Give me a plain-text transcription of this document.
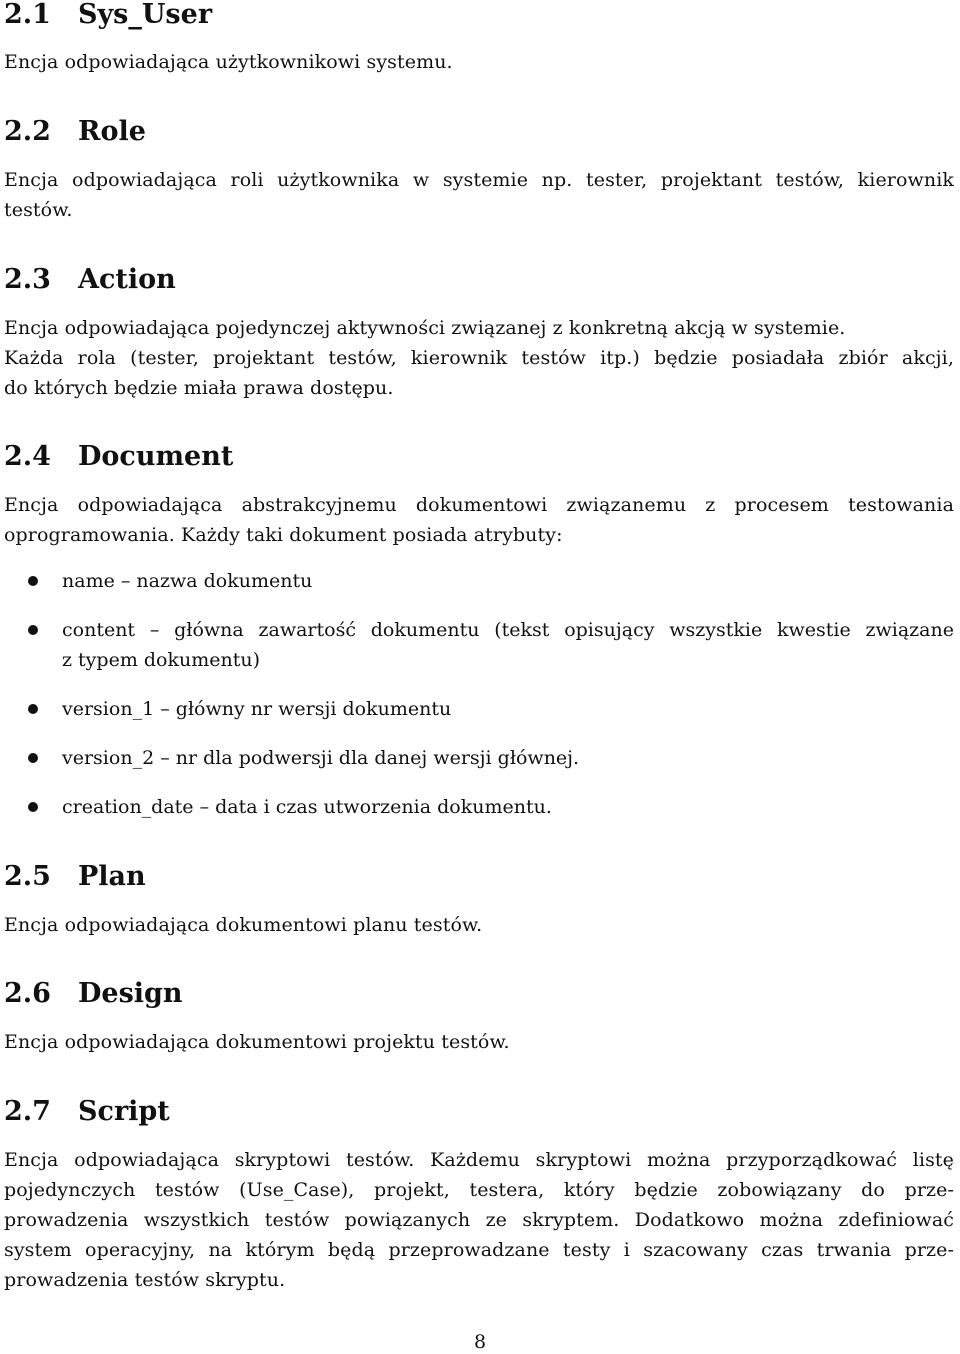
2.1 Sys_User
Encja odpowiadająca użytkownikowi systemu.
2.2 Role
Encja odpowiadająca roli użytkownika w systemie np. tester, projektant testów, kierownik
testów.
2.3 Action
Encja odpowiadająca pojedynczej aktywności związanej z konkretną akcją w systemie.
Każda rola (tester, projektant testów, kierownik testów itp.) będzie posiadała zbiór akcji,
do których będzie miała prawa dostępu.
2.4 Document
Encja odpowiadająca abstrakcyjnemu dokumentowi związanemu z procesem testowania
oprogramowania. Każdy taki dokument posiada atrybuty:
name – nazwa dokumentu
content – główna zawartość dokumentu (tekst opisujący wszystkie kwestie związane
z typem dokumentu)
version_1 – główny nr wersji dokumentu
version_2 – nr dla podwersji dla danej wersji głównej.
creation_date – data i czas utworzenia dokumentu.
2.5 Plan
Encja odpowiadająca dokumentowi planu testów.
2.6 Design
Encja odpowiadająca dokumentowi projektu testów.
2.7 Script
Encja odpowiadająca skryptowi testów. Każdemu skryptowi można przyporządkować listę
pojedynczych testów (Use_Case), projekt, testera, który będzie zobowiązany do prze-
prowadzenia wszystkich testów powiązanych ze skryptem. Dodatkowo można zdefiniować
system operacyjny, na którym będą przeprowadzane testy i szacowany czas trwania prze-
prowadzenia testów skryptu.
8
